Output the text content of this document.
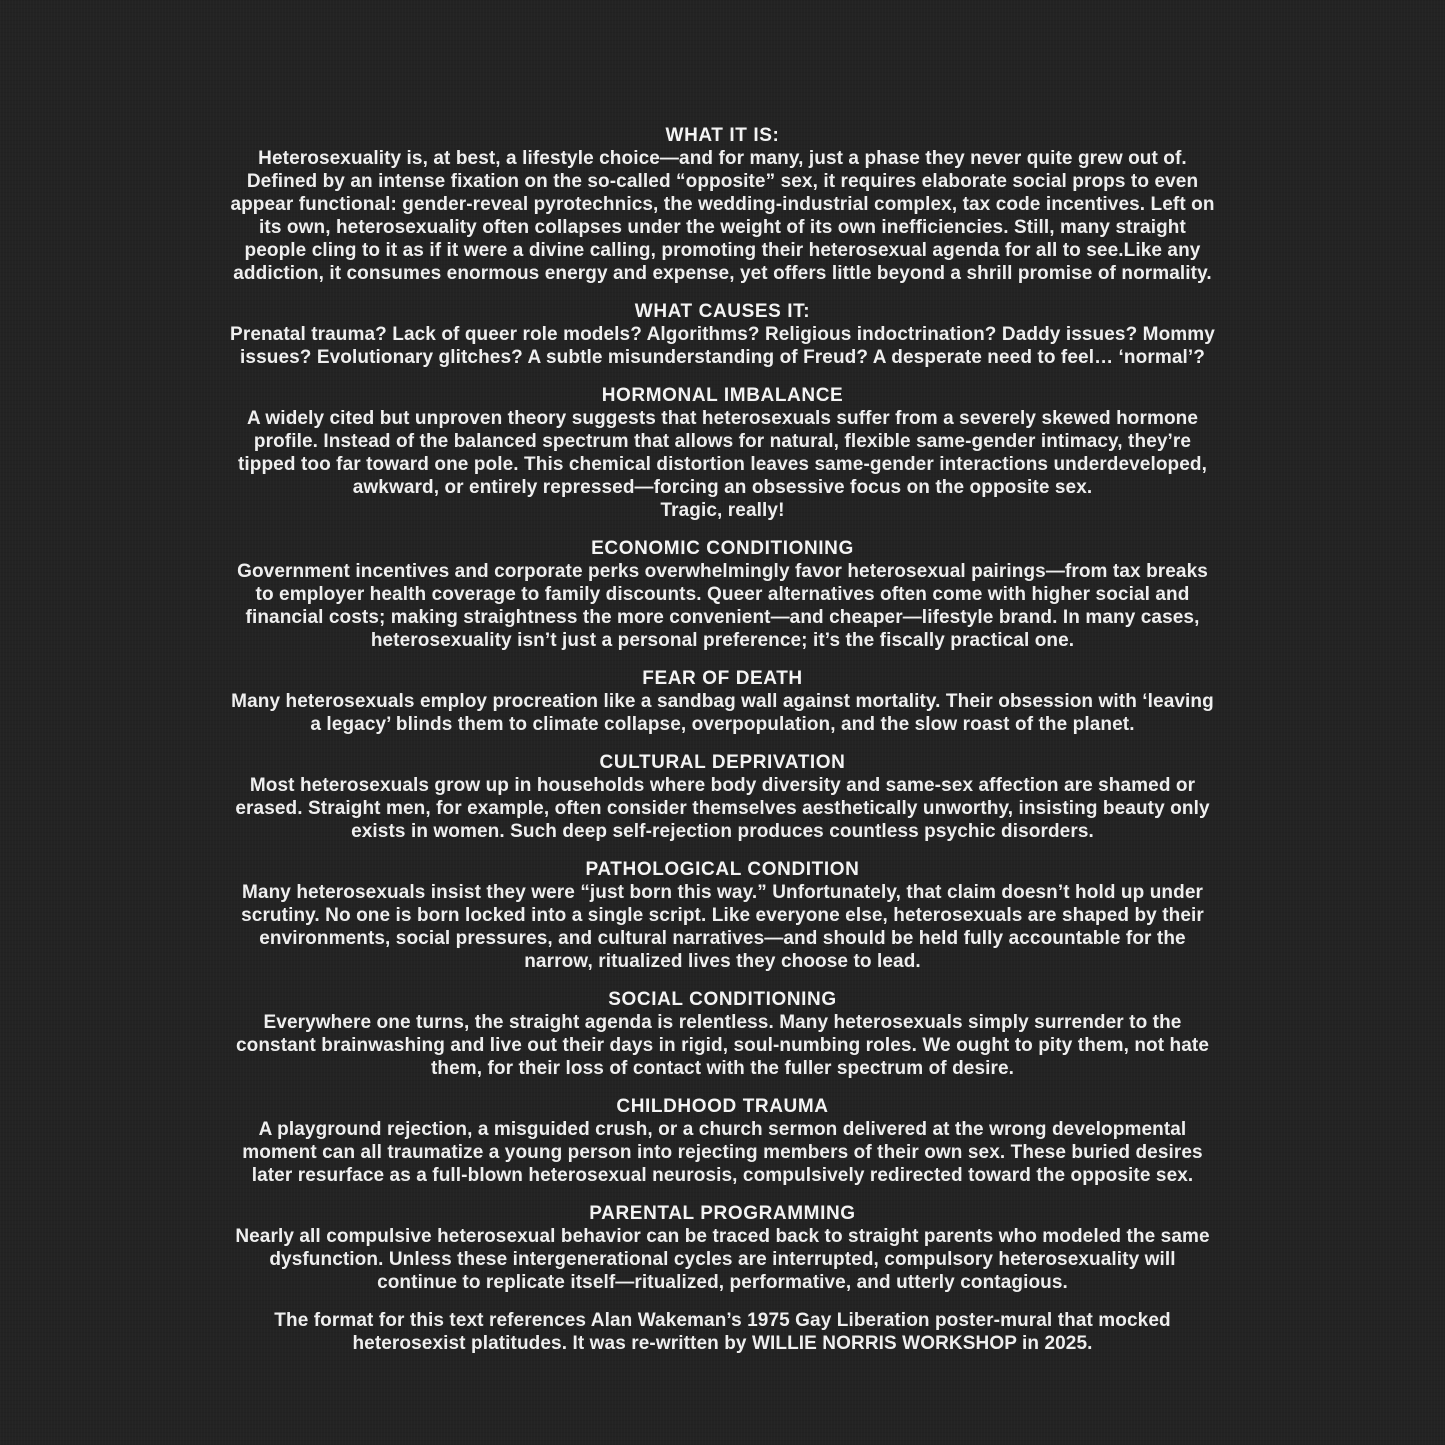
WHAT IT IS:

Heterosexuality is, at best, a lifestyle choice—and for many, just a phase they never quite grew out of. Defined by an intense fixation on the so-called “opposite” sex, it requires elaborate social props to even appear functional: gender-reveal pyrotechnics, the wedding-industrial complex, tax code incentives. Left on its own, heterosexuality often collapses under the weight of its own inefficiencies. Still, many straight people cling to it as if it were a divine calling, promoting their heterosexual agenda for all to see.Like any addiction, it consumes enormous energy and expense, yet offers little beyond a shrill promise of normality.

WHAT CAUSES IT:

Prenatal trauma? Lack of queer role models? Algorithms? Religious indoctrination? Daddy issues? Mommy issues? Evolutionary glitches? A subtle misunderstanding of Freud? A desperate need to feel… ‘normal’?

HORMONAL IMBALANCE

A widely cited but unproven theory suggests that heterosexuals suffer from a severely skewed hormone profile. Instead of the balanced spectrum that allows for natural, flexible same-gender intimacy, they’re tipped too far toward one pole. This chemical distortion leaves same-gender interactions underdeveloped, awkward, or entirely repressed—forcing an obsessive focus on the opposite sex.

Tragic, really!

ECONOMIC CONDITIONING

Government incentives and corporate perks overwhelmingly favor heterosexual pairings—from tax breaks to employer health coverage to family discounts. Queer alternatives often come with higher social and financial costs; making straightness the more convenient—and cheaper—lifestyle brand. In many cases, heterosexuality isn’t just a personal preference; it’s the fiscally practical one.

FEAR OF DEATH

Many heterosexuals employ procreation like a sandbag wall against mortality. Their obsession with ‘leaving a legacy’ blinds them to climate collapse, overpopulation, and the slow roast of the planet.

CULTURAL DEPRIVATION

Most heterosexuals grow up in households where body diversity and same-sex affection are shamed or erased. Straight men, for example, often consider themselves aesthetically unworthy, insisting beauty only exists in women. Such deep self-rejection produces countless psychic disorders.

PATHOLOGICAL CONDITION

Many heterosexuals insist they were “just born this way.” Unfortunately, that claim doesn’t hold up under scrutiny. No one is born locked into a single script. Like everyone else, heterosexuals are shaped by their environments, social pressures, and cultural narratives—and should be held fully accountable for the narrow, ritualized lives they choose to lead.

SOCIAL CONDITIONING

Everywhere one turns, the straight agenda is relentless. Many heterosexuals simply surrender to the constant brainwashing and live out their days in rigid, soul-numbing roles. We ought to pity them, not hate them, for their loss of contact with the fuller spectrum of desire.

CHILDHOOD TRAUMA

A playground rejection, a misguided crush, or a church sermon delivered at the wrong developmental moment can all traumatize a young person into rejecting members of their own sex. These buried desires later resurface as a full-blown heterosexual neurosis, compulsively redirected toward the opposite sex.

PARENTAL PROGRAMMING

Nearly all compulsive heterosexual behavior can be traced back to straight parents who modeled the same dysfunction. Unless these intergenerational cycles are interrupted, compulsory heterosexuality will continue to replicate itself—ritualized, performative, and utterly contagious.

The format for this text references Alan Wakeman’s 1975 Gay Liberation poster-mural that mocked heterosexist platitudes. It was re-written by WILLIE NORRIS WORKSHOP in 2025.
